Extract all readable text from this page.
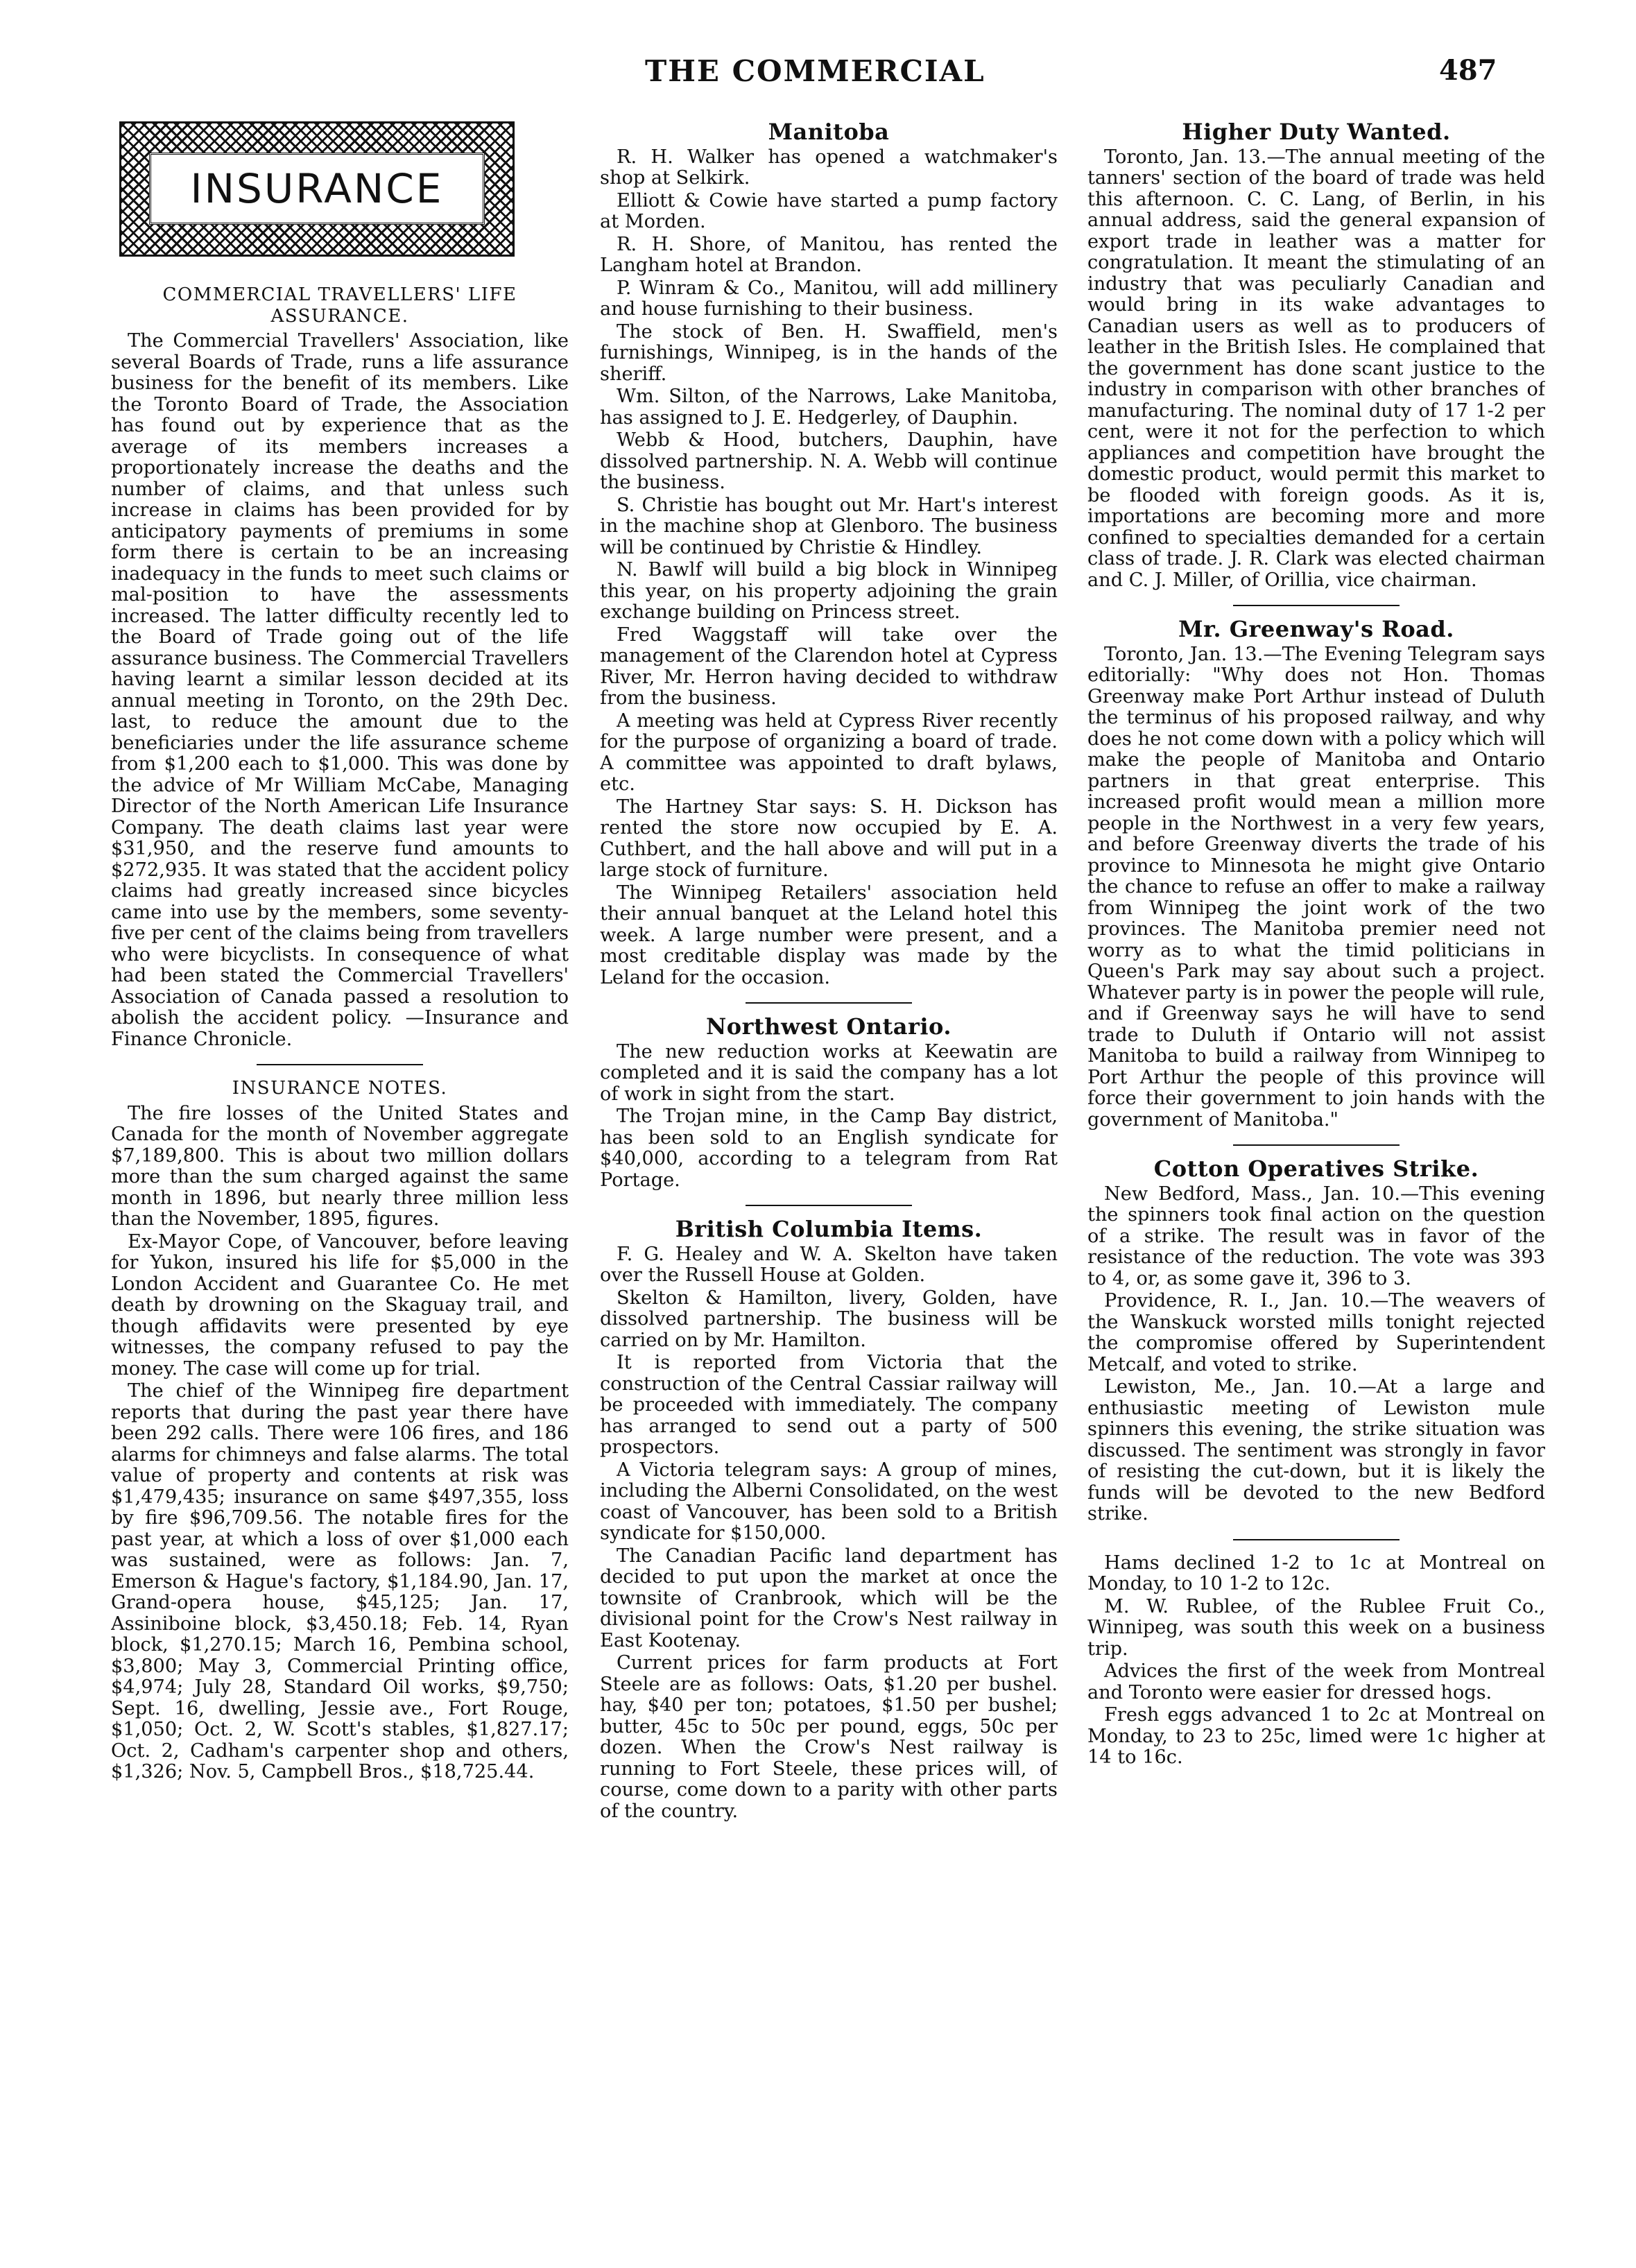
THE COMMERCIAL	487
INSURANCE
COMMERCIAL TRAVELLERS' LIFE ASSURANCE.

The Commercial Travellers' Association, like several Boards of Trade, runs a life assurance business for the benefit of its members. Like the Toronto Board of Trade, the Association has found out by experience that as the average of its members increases a proportionately increase the deaths and the number of claims, and that unless such increase in claims has been provided for by anticipatory payments of premiums in some form there is certain to be an increasing inadequacy in the funds to meet such claims or mal-position to have the assessments increased. The latter difficulty recently led to the Board of Trade going out of the life assurance business. The Commercial Travellers having learnt a similar lesson decided at its annual meeting in Toronto, on the 29th Dec. last, to reduce the amount due to the beneficiaries under the life assurance scheme from $1,200 each to $1,000. This was done by the advice of Mr William McCabe, Managing Director of the North American Life Insurance Company. The death claims last year were $31,950, and the reserve fund amounts to $272,935. It was stated that the accident policy claims had greatly increased since bicycles came into use by the members, some seventy-five per cent of the claims being from travellers who were bicyclists. In consequence of what had been stated the Commercial Travellers' Association of Canada passed a resolution to abolish the accident policy. —Insurance and Finance Chronicle.

INSURANCE NOTES.

The fire losses of the United States and Canada for the month of November aggregate $7,189,800. This is about two million dollars more than the sum charged against the same month in 1896, but nearly three million less than the November, 1895, figures.

Ex-Mayor Cope, of Vancouver, before leaving for Yukon, insured his life for $5,000 in the London Accident and Guarantee Co. He met death by drowning on the Skaguay trail, and though affidavits were presented by eye witnesses, the company refused to pay the money. The case will come up for trial.

The chief of the Winnipeg fire department reports that during the past year there have been 292 calls. There were 106 fires, and 186 alarms for chimneys and false alarms. The total value of property and contents at risk was $1,479,435; insurance on same $497,355, loss by fire $96,709.56. The notable fires for the past year, at which a loss of over $1,000 each was sustained, were as follows: Jan. 7, Emerson & Hague's factory, $1,184.90, Jan. 17, Grand-opera house, $45,125; Jan. 17, Assiniboine block, $3,450.18; Feb. 14, Ryan block, $1,270.15; March 16, Pembina school, $3,800; May 3, Commercial Printing office, $4,974; July 28, Standard Oil works, $9,750; Sept. 16, dwelling, Jessie ave., Fort Rouge, $1,050; Oct. 2, W. Scott's stables, $1,827.17; Oct. 2, Cadham's carpenter shop and others, $1,326; Nov. 5, Campbell Bros., $18,725.44.

Manitoba

R. H. Walker has opened a watchmaker's shop at Selkirk.

Elliott & Cowie have started a pump factory at Morden.

R. H. Shore, of Manitou, has rented the Langham hotel at Brandon.

P. Winram & Co., Manitou, will add millinery and house furnishing to their business.

The stock of Ben. H. Swaffield, men's furnishings, Winnipeg, is in the hands of the sheriff.

Wm. Silton, of the Narrows, Lake Manitoba, has assigned to J. E. Hedgerley, of Dauphin.

Webb & Hood, butchers, Dauphin, have dissolved partnership. N. A. Webb will continue the business.

S. Christie has bought out Mr. Hart's interest in the machine shop at Glenboro. The business will be continued by Christie & Hindley.

N. Bawlf will build a big block in Winnipeg this year, on his property adjoining the grain exchange building on Princess street.

Fred Waggstaff will take over the management of the Clarendon hotel at Cypress River, Mr. Herron having decided to withdraw from the business.

A meeting was held at Cypress River recently for the purpose of organizing a board of trade. A committee was appointed to draft bylaws, etc.

The Hartney Star says: S. H. Dickson has rented the store now occupied by E. A. Cuthbert, and the hall above and will put in a large stock of furniture.

The Winnipeg Retailers' association held their annual banquet at the Leland hotel this week. A large number were present, and a most creditable display was made by the Leland for the occasion.

Northwest Ontario.

The new reduction works at Keewatin are completed and it is said the company has a lot of work in sight from the start.

The Trojan mine, in the Camp Bay district, has been sold to an English syndicate for $40,000, according to a telegram from Rat Portage.

British Columbia Items.

F. G. Healey and W. A. Skelton have taken over the Russell House at Golden.

Skelton & Hamilton, livery, Golden, have dissolved partnership. The business will be carried on by Mr. Hamilton.

It is reported from Victoria that the construction of the Central Cassiar railway will be proceeded with immediately. The company has arranged to send out a party of 500 prospectors.

A Victoria telegram says: A group of mines, including the Alberni Consolidated, on the west coast of Vancouver, has been sold to a British syndicate for $150,000.

The Canadian Pacific land department has decided to put upon the market at once the townsite of Cranbrook, which will be the divisional point for the Crow's Nest railway in East Kootenay.

Current prices for farm products at Fort Steele are as follows: Oats, $1.20 per bushel. hay, $40 per ton; potatoes, $1.50 per bushel; butter, 45c to 50c per pound, eggs, 50c per dozen. When the Crow's Nest railway is running to Fort Steele, these prices will, of course, come down to a parity with other parts of the country.

Higher Duty Wanted.

Toronto, Jan. 13.—The annual meeting of the tanners' section of the board of trade was held this afternoon. C. C. Lang, of Berlin, in his annual address, said the general expansion of export trade in leather was a matter for congratulation. It meant the stimulating of an industry that was peculiarly Canadian and would bring in its wake advantages to Canadian users as well as to producers of leather in the British Isles. He complained that the government has done scant justice to the industry in comparison with other branches of manufacturing. The nominal duty of 17 1-2 per cent, were it not for the perfection to which appliances and competition have brought the domestic product, would permit this market to be flooded with foreign goods. As it is, importations are becoming more and more confined to specialties demanded for a certain class of trade. J. R. Clark was elected chairman and C. J. Miller, of Orillia, vice chairman.

Mr. Greenway's Road.

Toronto, Jan. 13.—The Evening Telegram says editorially: "Why does not Hon. Thomas Greenway make Port Arthur instead of Duluth the terminus of his proposed railway, and why does he not come down with a policy which will make the people of Manitoba and Ontario partners in that great enterprise. This increased profit would mean a million more people in the Northwest in a very few years, and before Greenway diverts the trade of his province to Minnesota he might give Ontario the chance to refuse an offer to make a railway from Winnipeg the joint work of the two provinces. The Manitoba premier need not worry as to what the timid politicians in Queen's Park may say about such a project. Whatever party is in power the people will rule, and if Greenway says he will have to send trade to Duluth if Ontario will not assist Manitoba to build a railway from Winnipeg to Port Arthur the people of this province will force their government to join hands with the government of Manitoba."

Cotton Operatives Strike.

New Bedford, Mass., Jan. 10.—This evening the spinners took final action on the question of a strike. The result was in favor of the resistance of the reduction. The vote was 393 to 4, or, as some gave it, 396 to 3.

Providence, R. I., Jan. 10.—The weavers of the Wanskuck worsted mills tonight rejected the compromise offered by Superintendent Metcalf, and voted to strike.

Lewiston, Me., Jan. 10.—At a large and enthusiastic meeting of Lewiston mule spinners this evening, the strike situation was discussed. The sentiment was strongly in favor of resisting the cut-down, but it is likely the funds will be devoted to the new Bedford strike.

Hams declined 1-2 to 1c at Montreal on Monday, to 10 1-2 to 12c.

M. W. Rublee, of the Rublee Fruit Co., Winnipeg, was south this week on a business trip.

Advices the first of the week from Montreal and Toronto were easier for dressed hogs.

Fresh eggs advanced 1 to 2c at Montreal on Monday, to 23 to 25c, limed were 1c higher at 14 to 16c.
